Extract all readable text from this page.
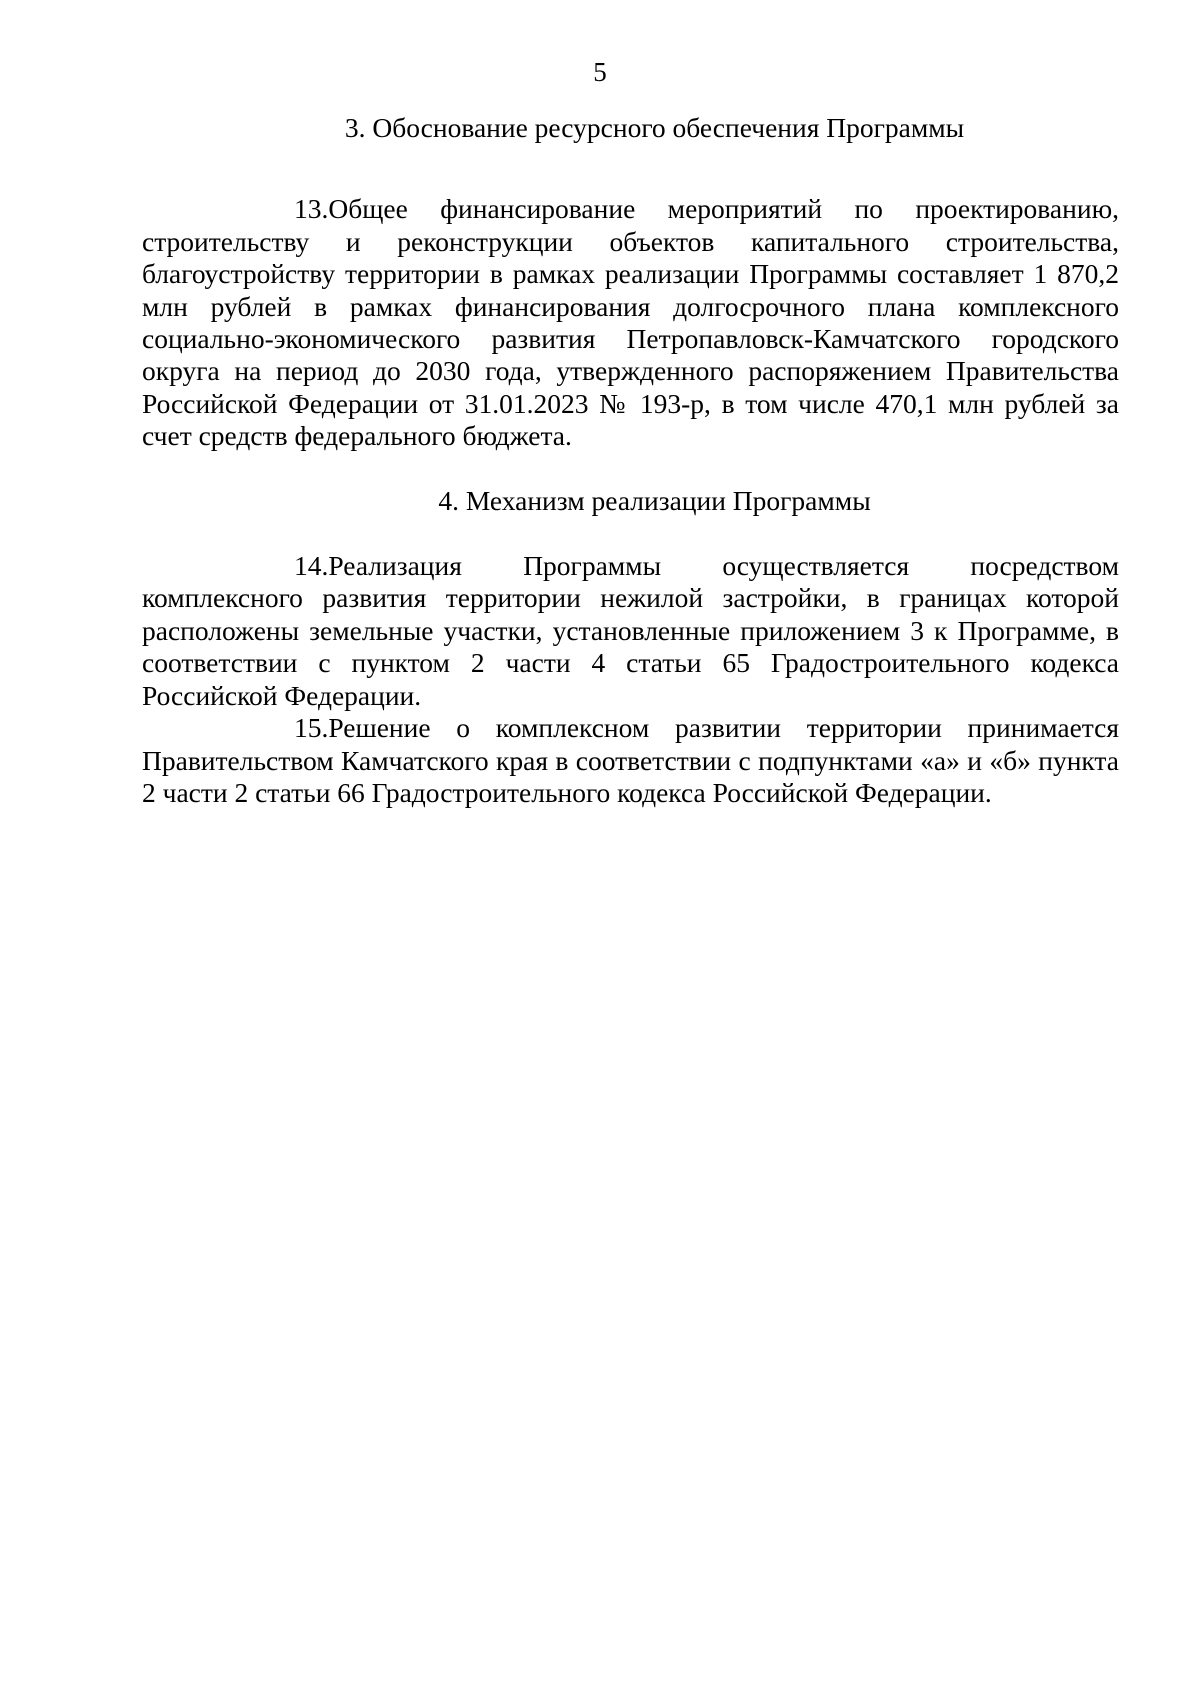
5
3. Обоснование ресурсного обеспечения Программы

13.Общее финансирование мероприятий по проектированию, строительству и реконструкции объектов капитального строительства, благоустройству территории в рамках реализации Программы составляет 1 870,2 млн рублей в рамках финансирования долгосрочного плана комплексного социально-экономического развития Петропавловск-Камчатского городского округа на период до 2030 года, утвержденного распоряжением Правительства Российской Федерации от 31.01.2023 № 193-р, в том числе 470,1 млн рублей за счет средств федерального бюджета.

4. Механизм реализации Программы

14.Реализация Программы осуществляется посредством комплексного развития территории нежилой застройки, в границах которой расположены земельные участки, установленные приложением 3 к Программе, в соответствии с пунктом 2 части 4 статьи 65 Градостроительного кодекса Российской Федерации.

15.Решение о комплексном развитии территории принимается Правительством Камчатского края в соответствии с подпунктами «а» и «б» пункта 2 части 2 статьи 66 Градостроительного кодекса Российской Федерации.
